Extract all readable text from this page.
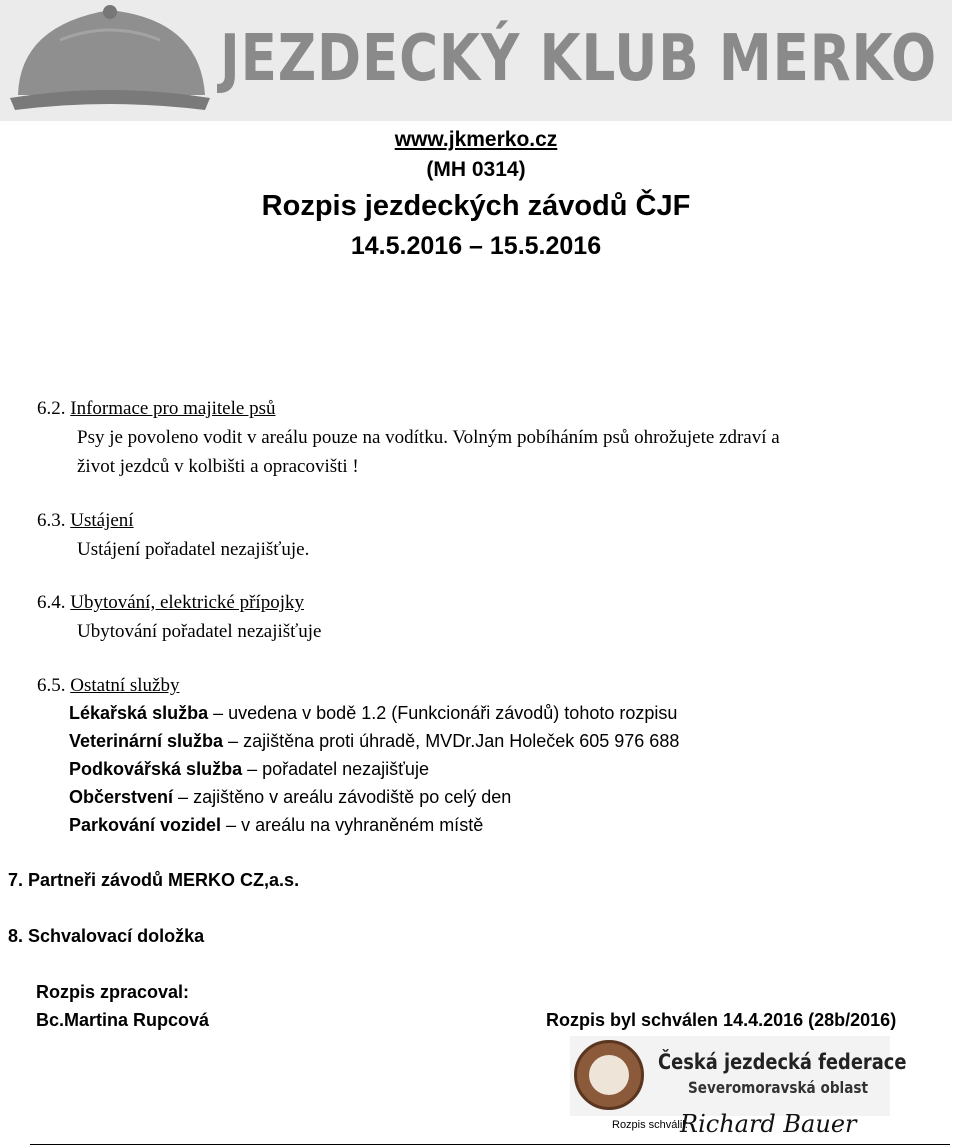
JEZDECKÝ KLUB MERKO
www.jkmerko.cz
(MH 0314)
Rozpis jezdeckých závodů ČJF
14.5.2016 – 15.5.2016
6.2. Informace pro majitele psů
Psy je povoleno vodit v areálu pouze na vodítku. Volným pobíháním psů ohrožujete zdraví a
život jezdců v kolbišti a opracovišti !
6.3. Ustájení
Ustájení pořadatel nezajišťuje.
6.4. Ubytování, elektrické přípojky
Ubytování pořadatel nezajišťuje
6.5. Ostatní služby
Lékařská služba – uvedena v bodě 1.2 (Funkcionáři závodů) tohoto rozpisu
Veterinární služba – zajištěna proti úhradě, MVDr.Jan Holeček 605 976 688
Podkovářská služba – pořadatel nezajišťuje
Občerstvení – zajištěno v areálu závodiště po celý den
Parkování vozidel – v areálu na vyhraněném místě
7. Partneři závodů MERKO CZ,a.s.
8. Schvalovací doložka
Rozpis zpracoval:
Bc.Martina Rupcová	Rozpis byl schválen 14.4.2016 (28b/2016)
Česká jezdecká federace
Severomoravská oblast
Rozpis schválil:
Richard Bauer
